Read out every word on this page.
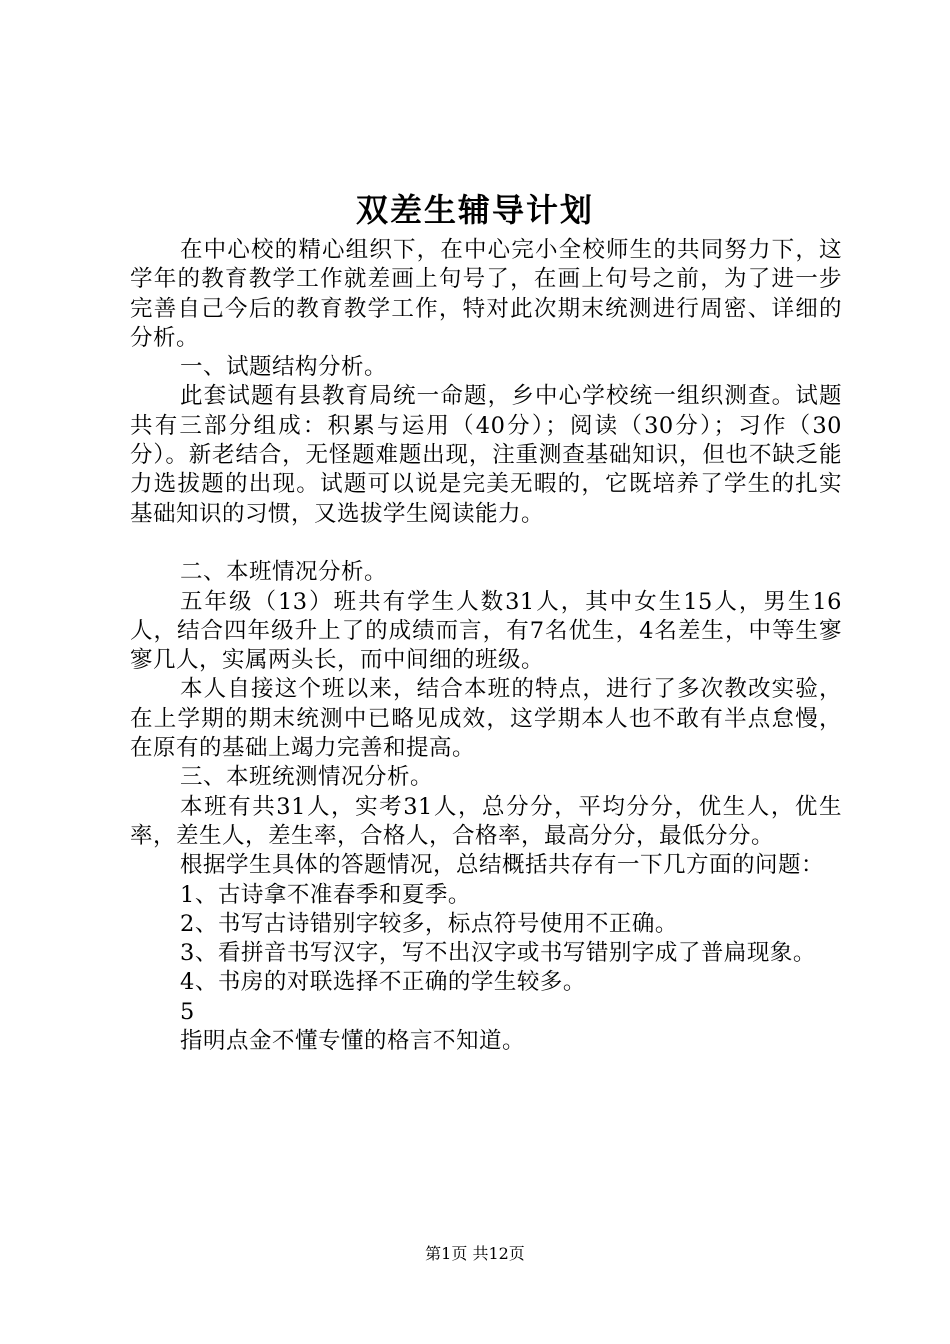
双差生辅导计划

在中心校的精心组织下，在中心完小全校师生的共同努力下，这学年的教育教学工作就差画上句号了，在画上句号之前，为了进一步完善自己今后的教育教学工作，特对此次期末统测进行周密、详细的分析。

一、试题结构分析。

此套试题有县教育局统一命题，乡中心学校统一组织测查。试题共有三部分组成：积累与运用（40分）；阅读（30分）；习作（30分）。新老结合，无怪题难题出现，注重测查基础知识，但也不缺乏能力选拔题的出现。试题可以说是完美无暇的，它既培养了学生的扎实基础知识的习惯，又选拔学生阅读能力。

二、本班情况分析。

五年级（13）班共有学生人数31人，其中女生15人，男生16人，结合四年级升上了的成绩而言，有7名优生，4名差生，中等生寥寥几人，实属两头长，而中间细的班级。

本人自接这个班以来，结合本班的特点，进行了多次教改实验，在上学期的期末统测中已略见成效，这学期本人也不敢有半点怠慢，在原有的基础上竭力完善和提高。

三、本班统测情况分析。

本班有共31人，实考31人，总分分，平均分分，优生人，优生率，差生人，差生率，合格人，合格率，最高分分，最低分分。

根据学生具体的答题情况，总结概括共存有一下几方面的问题：

1、古诗拿不准春季和夏季。

2、书写古诗错别字较多，标点符号使用不正确。

3、看拼音书写汉字，写不出汉字或书写错别字成了普扁现象。

4、书房的对联选择不正确的学生较多。

5

指明点金不懂专懂的格言不知道。

第1页 共12页
